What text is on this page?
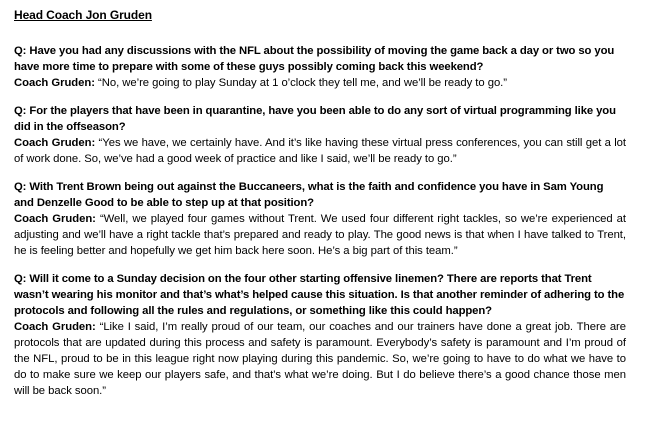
Head Coach Jon Gruden

Q: Have you had any discussions with the NFL about the possibility of moving the game back a day or two so you have more time to prepare with some of these guys possibly coming back this weekend?

Coach Gruden: “No, we’re going to play Sunday at 1 o’clock they tell me, and we’ll be ready to go.”

Q: For the players that have been in quarantine, have you been able to do any sort of virtual programming like you did in the offseason?

Coach Gruden: “Yes we have, we certainly have. And it’s like having these virtual press conferences, you can still get a lot of work done. So, we’ve had a good week of practice and like I said, we’ll be ready to go.”

Q: With Trent Brown being out against the Buccaneers, what is the faith and confidence you have in Sam Young and Denzelle Good to be able to step up at that position?

Coach Gruden: “Well, we played four games without Trent. We used four different right tackles, so we’re experienced at adjusting and we’ll have a right tackle that’s prepared and ready to play. The good news is that when I have talked to Trent, he is feeling better and hopefully we get him back here soon. He’s a big part of this team.”

Q: Will it come to a Sunday decision on the four other starting offensive linemen? There are reports that Trent wasn’t wearing his monitor and that’s what’s helped cause this situation. Is that another reminder of adhering to the protocols and following all the rules and regulations, or something like this could happen?

Coach Gruden: “Like I said, I’m really proud of our team, our coaches and our trainers have done a great job. There are protocols that are updated during this process and safety is paramount. Everybody’s safety is paramount and I’m proud of the NFL, proud to be in this league right now playing during this pandemic. So, we’re going to have to do what we have to do to make sure we keep our players safe, and that’s what we’re doing. But I do believe there’s a good chance those men will be back soon.”
